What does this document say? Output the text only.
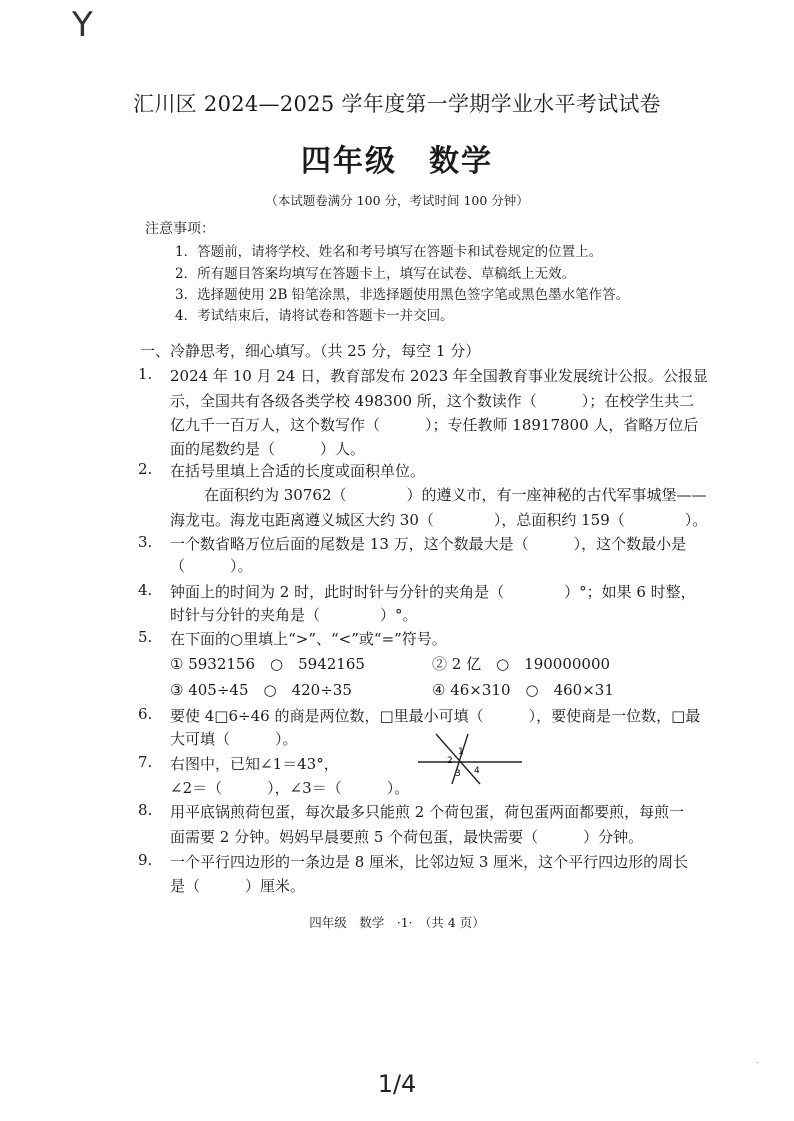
Y
汇川区 2024—2025 学年度第一学期学业水平考试试卷
四年级　数学
（本试题卷满分 100 分，考试时间 100 分钟）
注意事项：
1．答题前，请将学校、姓名和考号填写在答题卡和试卷规定的位置上。
2．所有题目答案均填写在答题卡上，填写在试卷、草稿纸上无效。
3．选择题使用 2B 铅笔涂黑，非选择题使用黑色签字笔或黑色墨水笔作答。
4．考试结束后，请将试卷和答题卡一并交回。
一、冷静思考，细心填写。（共 25 分，每空 1 分）
1. 2024 年 10 月 24 日，教育部发布 2023 年全国教育事业发展统计公报。公报显
示，全国共有各级各类学校 498300 所，这个数读作（　　　）；在校学生共二
亿九千一百万人，这个数写作（　　　）；专任教师 18917800 人，省略万位后
面的尾数约是（　　　）人。
2. 在括号里填上合适的长度或面积单位。
在面积约为 30762（　　　　）的遵义市，有一座神秘的古代军事城堡——
海龙屯。海龙屯距离遵义城区大约 30（　　　　），总面积约 159（　　　　）。
3. 一个数省略万位后面的尾数是 13 万，这个数最大是（　　　），这个数最小是
（　　　）。
4. 钟面上的时间为 2 时，此时时针与分针的夹角是（　　　　）°；如果 6 时整，
时针与分针的夹角是（　　　　）°。
5. 在下面的○里填上“>”、“<”或“=”符号。
① 5932156　○　5942165	② 2 亿　○　190000000
③ 405÷45　○　420÷35	④ 46×310　○　460×31
6. 要使 4□6÷46 的商是两位数，□里最小可填（　　　），要使商是一位数，□最
大可填（　　　）。
7. 右图中，已知∠1＝43°，
∠2＝（　　　），∠3＝（　　　）。
1
2
3 4
8. 用平底锅煎荷包蛋，每次最多只能煎 2 个荷包蛋，荷包蛋两面都要煎，每煎一
面需要 2 分钟。妈妈早晨要煎 5 个荷包蛋，最快需要（　　　）分钟。
9. 一个平行四边形的一条边是 8 厘米，比邻边短 3 厘米，这个平行四边形的周长
是（　　　）厘米。
四年级　数学　·1·　（共 4 页）
-
1/4
